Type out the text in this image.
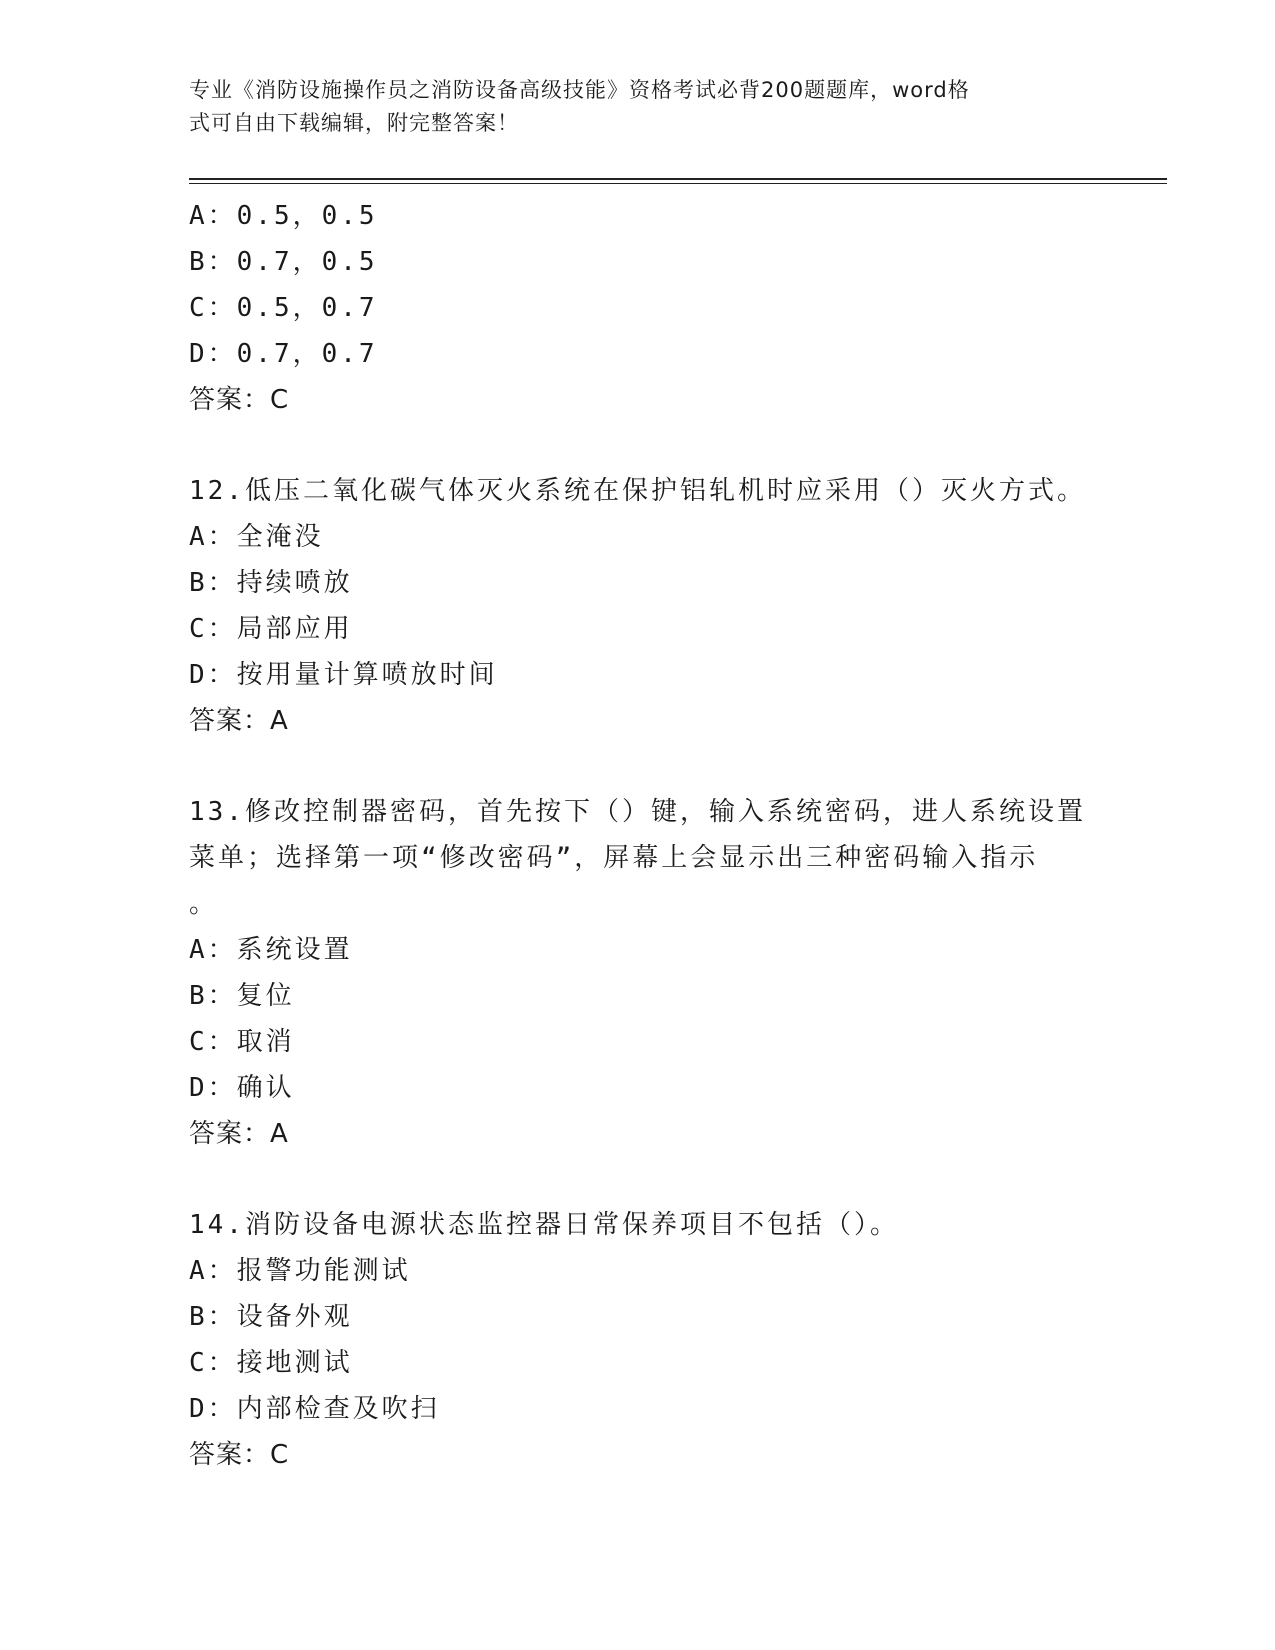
专业《消防设施操作员之消防设备高级技能》资格考试必背200题题库，word格
式可自由下载编辑，附完整答案！
A：0.5，0.5
B：0.7，0.5
C：0.5，0.7
D：0.7，0.7
答案：C
12.低压二氧化碳气体灭火系统在保护铝轧机时应采用（）灭火方式。
A：全淹没
B：持续喷放
C：局部应用
D：按用量计算喷放时间
答案：A
13.修改控制器密码，首先按下（）键，输入系统密码，进人系统设置
菜单；选择第一项“修改密码”，屏幕上会显示出三种密码输入指示
。
A：系统设置
B：复位
C：取消
D：确认
答案：A
14.消防设备电源状态监控器日常保养项目不包括（）。
A：报警功能测试
B：设备外观
C：接地测试
D：内部检查及吹扫
答案：C
